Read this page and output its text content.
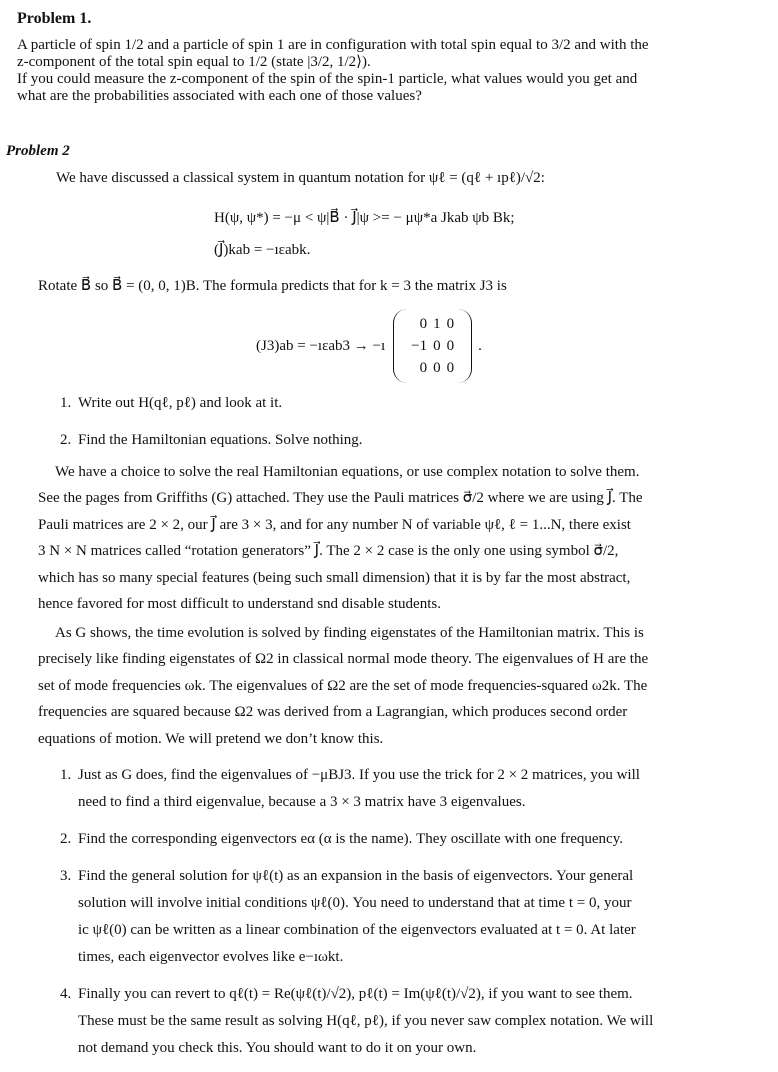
Problem 1.

A particle of spin 1/2 and a particle of spin 1 are in configuration with total spin equal to 3/2 and with the

z-component of the total spin equal to 1/2 (state |3/2, 1/2⟩).

If you could measure the z-component of the spin of the spin-1 particle, what values would you get and

what are the probabilities associated with each one of those values?

Problem 2
We have discussed a classical system in quantum notation for ψℓ = (qℓ + ıpℓ)/√2:
H(ψ, ψ*) = −μ < ψ|B⃗ · J⃗|ψ >= − μψ*a Jkab ψb Bk;
(J⃗)kab = −ıεabk.
Rotate B⃗ so B⃗ = (0, 0, 1)B. The formula predicts that for k = 3 the matrix J3 is
(J3)ab = −ıεab3 → −ı
0	1	0
−1	0	0
0	0	0
.
1. Write out H(qℓ, pℓ) and look at it.
2. Find the Hamiltonian equations. Solve nothing.
We have a choice to solve the real Hamiltonian equations, or use complex notation to solve them.
See the pages from Griffiths (G) attached. They use the Pauli matrices σ⃗/2 where we are using J⃗. The
Pauli matrices are 2 × 2, our J⃗ are 3 × 3, and for any number N of variable ψℓ, ℓ = 1...N, there exist
3 N × N matrices called “rotation generators” J⃗. The 2 × 2 case is the only one using symbol σ⃗/2,
which has so many special features (being such small dimension) that it is by far the most abstract,
hence favored for most difficult to understand snd disable students.
As G shows, the time evolution is solved by finding eigenstates of the Hamiltonian matrix. This is
precisely like finding eigenstates of Ω2 in classical normal mode theory. The eigenvalues of H are the
set of mode frequencies ωk. The eigenvalues of Ω2 are the set of mode frequencies-squared ω2k. The
frequencies are squared because Ω2 was derived from a Lagrangian, which produces second order
equations of motion. We will pretend we don’t know this.
1. Just as G does, find the eigenvalues of −μBJ3. If you use the trick for 2 × 2 matrices, you will
need to find a third eigenvalue, because a 3 × 3 matrix have 3 eigenvalues.
2. Find the corresponding eigenvectors eα (α is the name). They oscillate with one frequency.
3. Find the general solution for ψℓ(t) as an expansion in the basis of eigenvectors. Your general
solution will involve initial conditions ψℓ(0). You need to understand that at time t = 0, your
ic ψℓ(0) can be written as a linear combination of the eigenvectors evaluated at t = 0. At later
times, each eigenvector evolves like e−ıωkt.
4. Finally you can revert to qℓ(t) = Re(ψℓ(t)/√2), pℓ(t) = Im(ψℓ(t)/√2), if you want to see them.
These must be the same result as solving H(qℓ, pℓ), if you never saw complex notation. We will
not demand you check this. You should want to do it on your own.
